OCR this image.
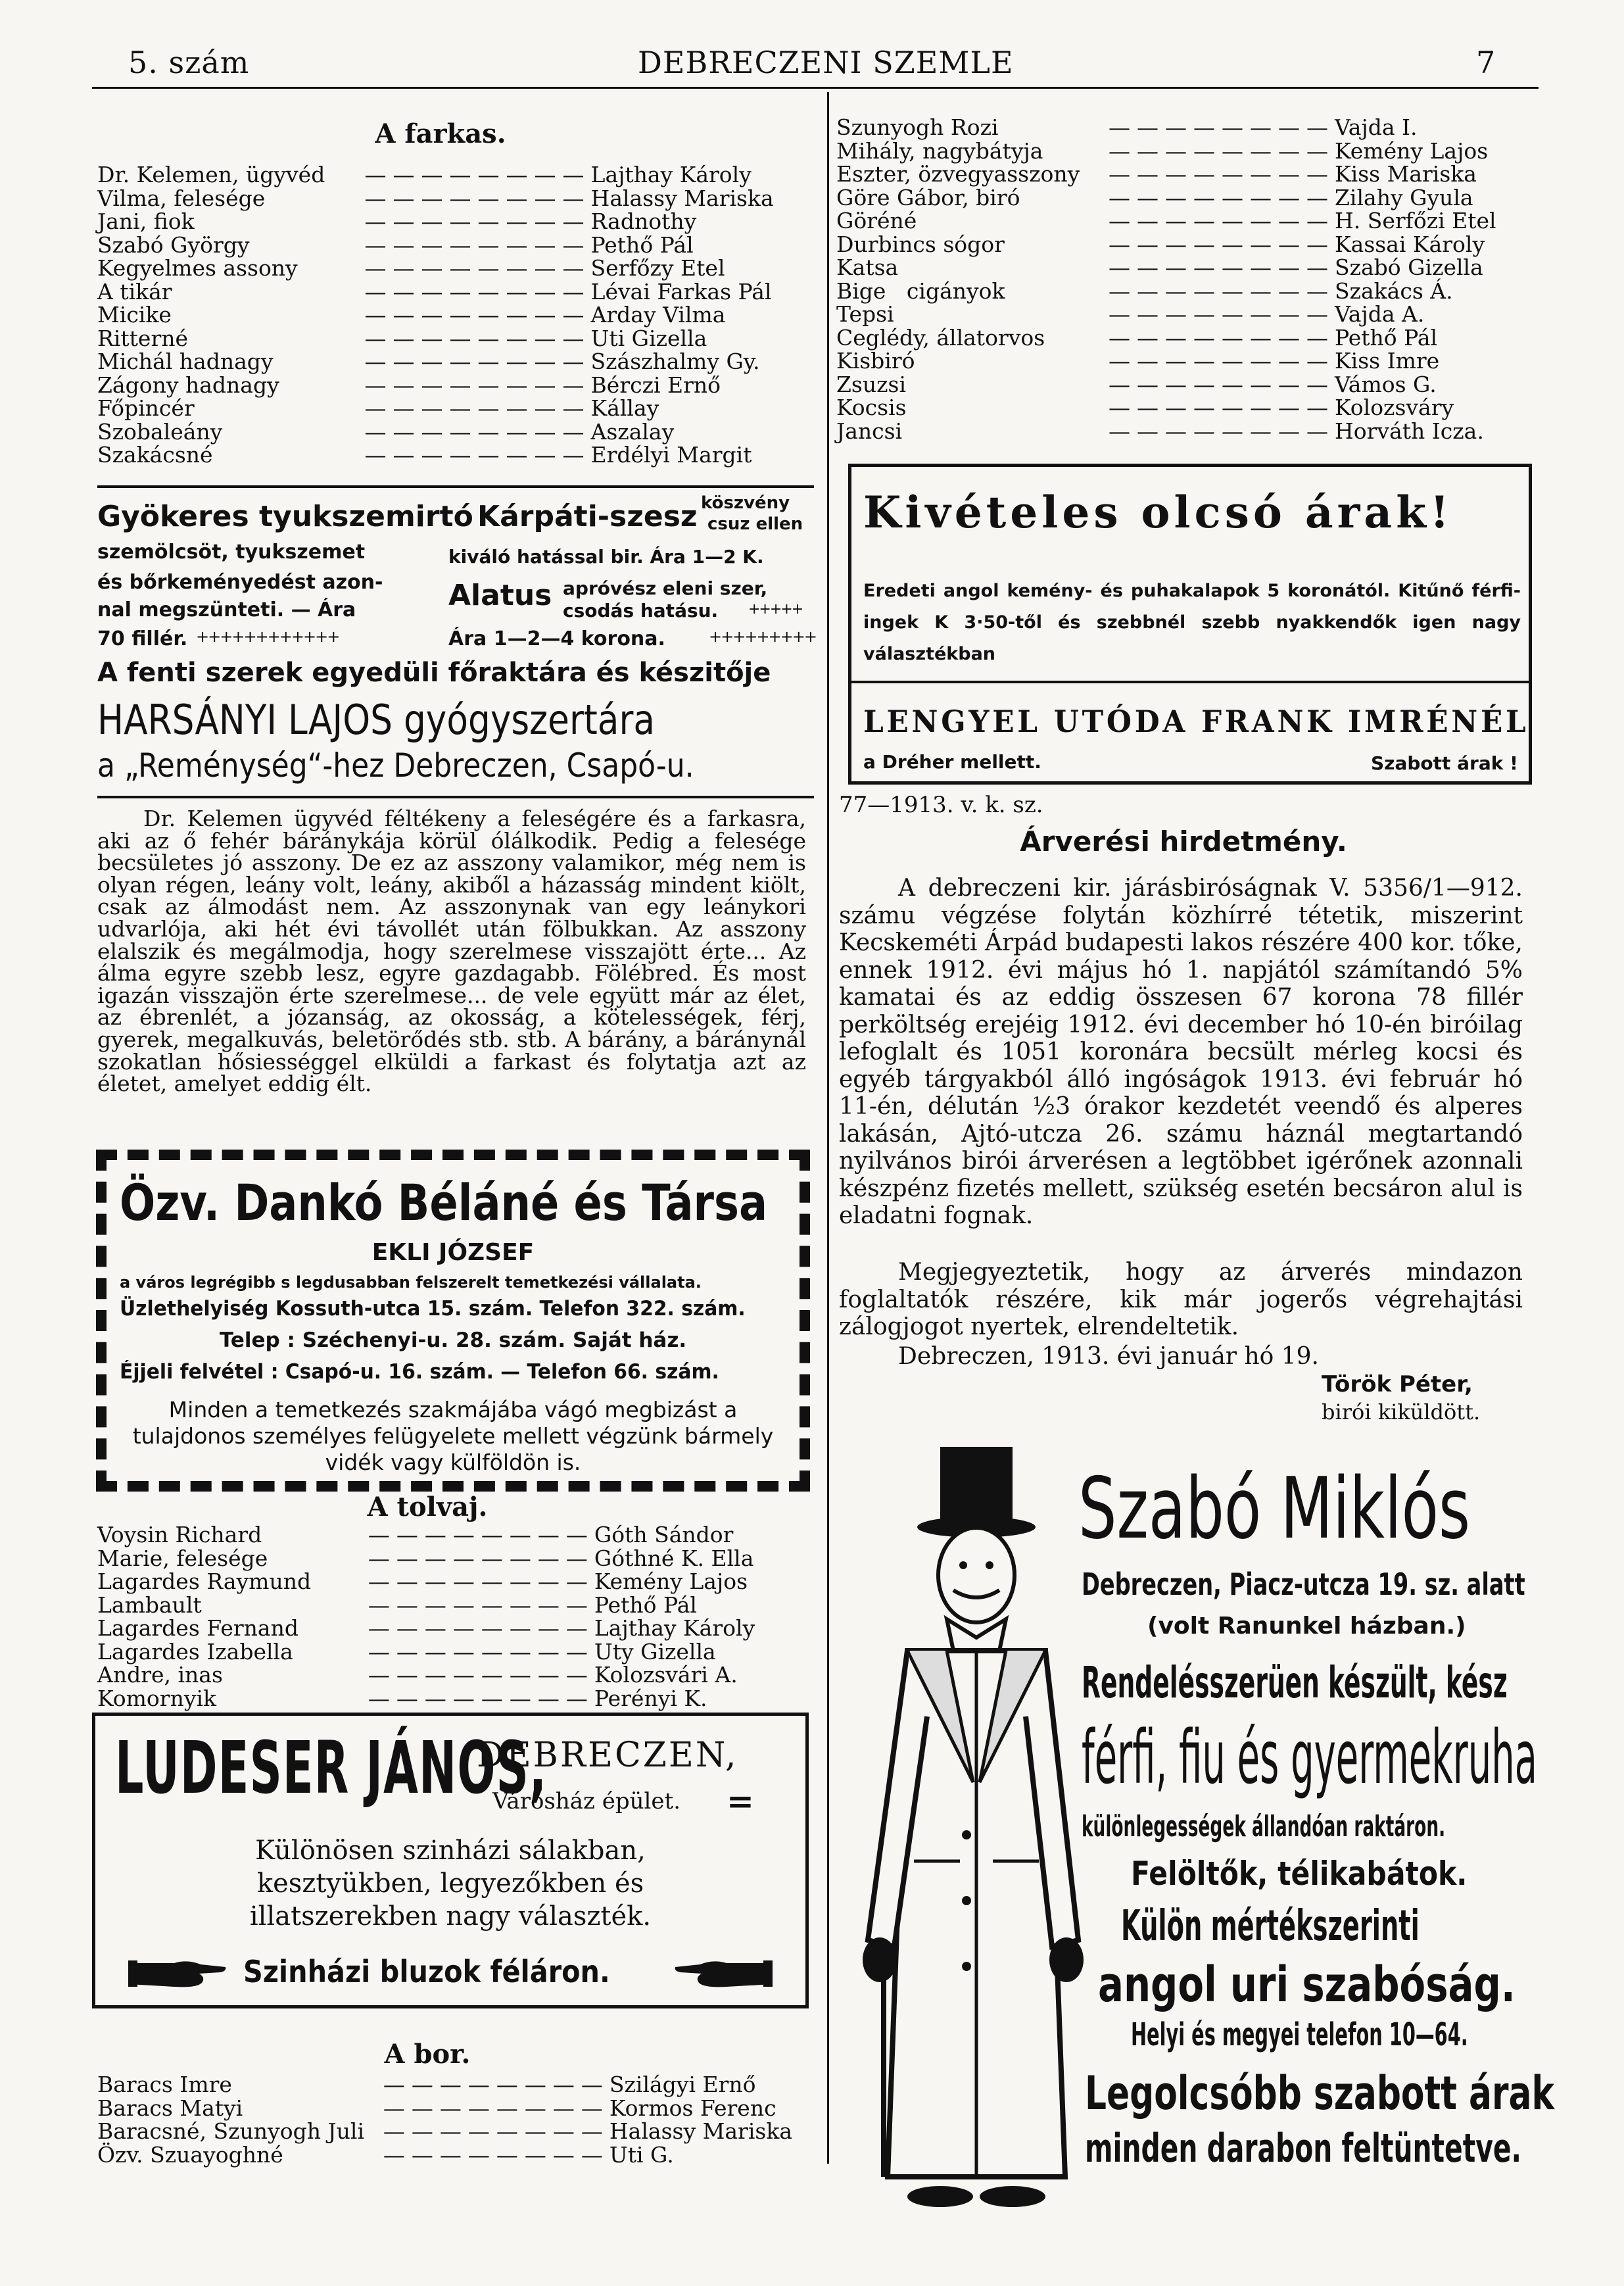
5. szám	DEBRECZENI SZEMLE	7
A farkas.
Dr. Kelemen, ügyvéd	———————— Lajthay Károly
Vilma, felesége	———————— Halassy Mariska
Jani, fiok	———————— Radnothy
Szabó György	———————— Pethő Pál
Kegyelmes assony	———————— Serfőzy Etel
A tikár	———————— Lévai Farkas Pál
Micike	———————— Arday Vilma
Ritterné	———————— Uti Gizella
Michál hadnagy	———————— Szászhalmy Gy.
Zágony hadnagy	———————— Bérczi Ernő
Főpincér	———————— Kállay
Szobaleány	———————— Aszalay
Szakácsné	———————— Erdélyi Margit
Szunyogh Rozi	———————— Vajda I.
Mihály, nagybátyja	———————— Kemény Lajos
Eszter, özvegyasszony	———————— Kiss Mariska
Göre Gábor, biró	———————— Zilahy Gyula
Göréné	———————— H. Serfőzi Etel
Durbincs sógor	———————— Kassai Károly
Katsa	———————— Szabó Gizella
Bige   cigányok	———————— Szakács Á.
Tepsi	———————— Vajda A.
Ceglédy, állatorvos	———————— Pethő Pál
Kisbiró	———————— Kiss Imre
Zsuzsi	———————— Vámos G.
Kocsis	———————— Kolozsváry
Jancsi	———————— Horváth Icza.
Gyökeres tyukszemirtó Kárpáti-szesz köszvény
csuz ellen
szemölcsöt, tyukszemet	kiváló hatással bir. Ára 1—2 K.
és bőrkeményedést azon-
nal megszünteti. — Ára
70 fillér. ++++++++++++
Alatus apróvész eleni szer,
csodás hatásu. +++++
Ára 1—2—4 korona.	+++++++++
A fenti szerek egyedüli főraktára és készitője
HARSÁNYI LAJOS gyógyszertára
a „Reménység“-hez Debreczen, Csapó-u.
Kivételes olcsó árak!
Eredeti angol kemény- és puhakalapok 5 koronától. Kitűnő férfi-ingek K 3·50-től és szebbnél szebb nyakkendők igen nagy választékban
LENGYEL UTÓDA FRANK IMRÉNÉL
a Dréher mellett.	Szabott árak !
Dr. Kelemen ügyvéd féltékeny a feleségére és a farkasra, aki az ő fehér báránykája körül ólálkodik. Pedig a felesége becsületes jó asszony. De ez az asszony valamikor, még nem is olyan régen, leány volt, leány, akiből a házasság mindent kiölt, csak az álmodást nem. Az asszonynak van egy leánykori udvarlója, aki hét évi távollét után fölbukkan. Az asszony elalszik és megálmodja, hogy szerelmese visszajött érte... Az álma egyre szebb lesz, egyre gazdagabb. Fölébred. És most igazán visszajön érte szerelmese... de vele együtt már az élet, az ébrenlét, a józanság, az okosság, a kötelességek, férj, gyerek, megalkuvás, beletörődés stb. stb. A bárány, a báránynál szokatlan hősiességgel elküldi a farkast és folytatja azt az életet, amelyet eddig élt.
77—1913. v. k. sz.
Árverési hirdetmény.
A debreczeni kir. járásbiróságnak V. 5356/1—912. számu végzése folytán közhírré tétetik, miszerint Kecskeméti Árpád budapesti lakos részére 400 kor. tőke, ennek 1912. évi május hó 1. napjától számítandó 5% kamatai és az eddig összesen 67 korona 78 fillér perköltség erejéig 1912. évi december hó 10-én biróilag lefoglalt és 1051 koronára becsült mérleg kocsi és egyéb tárgyakból álló ingóságok 1913. évi február hó 11-én, délután ½3 órakor kezdetét veendő és alperes lakásán, Ajtó-utcza 26. számu háznál megtartandó nyilvános birói árverésen a legtöbbet igérőnek azonnali készpénz fizetés mellett, szükség esetén becsáron alul is eladatni fognak.
Megjegyeztetik, hogy az árverés mindazon foglaltatók részére, kik már jogerős végrehajtási zálogjogot nyertek, elrendeltetik.
Debreczen, 1913. évi január hó 19.
Török Péter,
birói kiküldött.
Özv. Dankó Béláné és Társa
EKLI JÓZSEF
a város legrégibb s legdusabban felszerelt temetkezési vállalata.
Üzlethelyiség Kossuth-utca 15. szám. Telefon 322. szám.
Telep : Széchenyi-u. 28. szám. Saját ház.
Éjjeli felvétel : Csapó-u. 16. szám. — Telefon 66. szám.
Minden a temetkezés szakmájába vágó megbizást a tulajdonos személyes felügyelete mellett végzünk bármely vidék vagy külföldön is.
A tolvaj.
Voysin Richard	———————— Góth Sándor
Marie, felesége	———————— Góthné K. Ella
Lagardes Raymund	———————— Kemény Lajos
Lambault	———————— Pethő Pál
Lagardes Fernand	———————— Lajthay Károly
Lagardes Izabella	———————— Uty Gizella
Andre, inas	———————— Kolozsvári A.
Komornyik	———————— Perényi K.
LUDESER JÁNOS,
DEBRECZEN,
Városház épület. =
Különösen szinházi sálakban,
kesztyükben, legyezőkben és
illatszerekben nagy választék.
Szinházi bluzok féláron.
A bor.
Baracs Imre	———————— Szilágyi Ernő
Baracs Matyi	———————— Kormos Ferenc
Baracsné, Szunyogh Juli ———————— Halassy Mariska
Özv. Szuayoghné	———————— Uti G.
Szabó Miklós
Debreczen, Piacz-utcza 19. sz. alatt
(volt Ranunkel házban.)
Rendelésszerüen készült, kész
férfi, fiu és gyermekruha
különlegességek állandóan raktáron.
Felöltők, télikabátok.
Külön mértékszerinti
angol uri szabóság.
Helyi és megyei telefon 10—64.
Legolcsóbb szabott árak
minden darabon feltüntetve.
